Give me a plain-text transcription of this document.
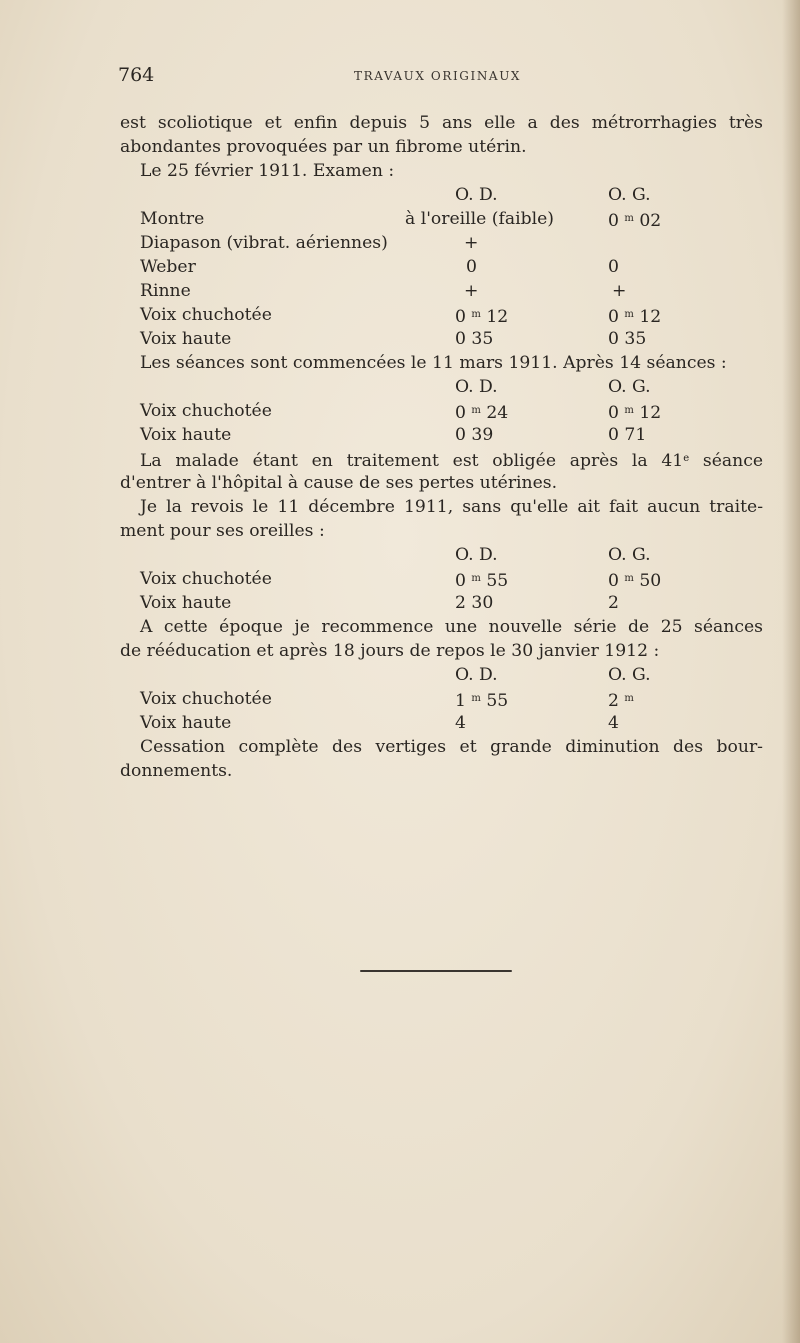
764	TRAVAUX ORIGINAUX
est scoliotique et enfin depuis 5 ans elle a des métrorrhagies très
abondantes provoquées par un fibrome utérin.
Le 25 février 1911. Examen :
O. D.	O. G.
Montre	à l'oreille (faible)	0 $^m$ 02
Diapason (vibrat. aériennes)	+
Weber	0	0
Rinne	+	+
Voix chuchotée	0 $^m$ 12	0 $^m$ 12
Voix haute	0 35	0 35
Les séances sont commencées le 11 mars 1911. Après 14 séances :
O. D.	O. G.
Voix chuchotée	0 $^m$ 24	0 $^m$ 12
Voix haute	0 39	0 71
La malade étant en traitement est obligée après la 41e séance
d'entrer à l'hôpital à cause de ses pertes utérines.
Je la revois le 11 décembre 1911, sans qu'elle ait fait aucun traite-
ment pour ses oreilles :
O. D.	O. G.
Voix chuchotée	0 $^m$ 55	0 $^m$ 50
Voix haute	2 30	2
A cette époque je recommence une nouvelle série de 25 séances
de rééducation et après 18 jours de repos le 30 janvier 1912 :
O. D.	O. G.
Voix chuchotée	1 $^m$ 55	2 $^m$
Voix haute	4	4
Cessation complète des vertiges et grande diminution des bour-
donnements.
